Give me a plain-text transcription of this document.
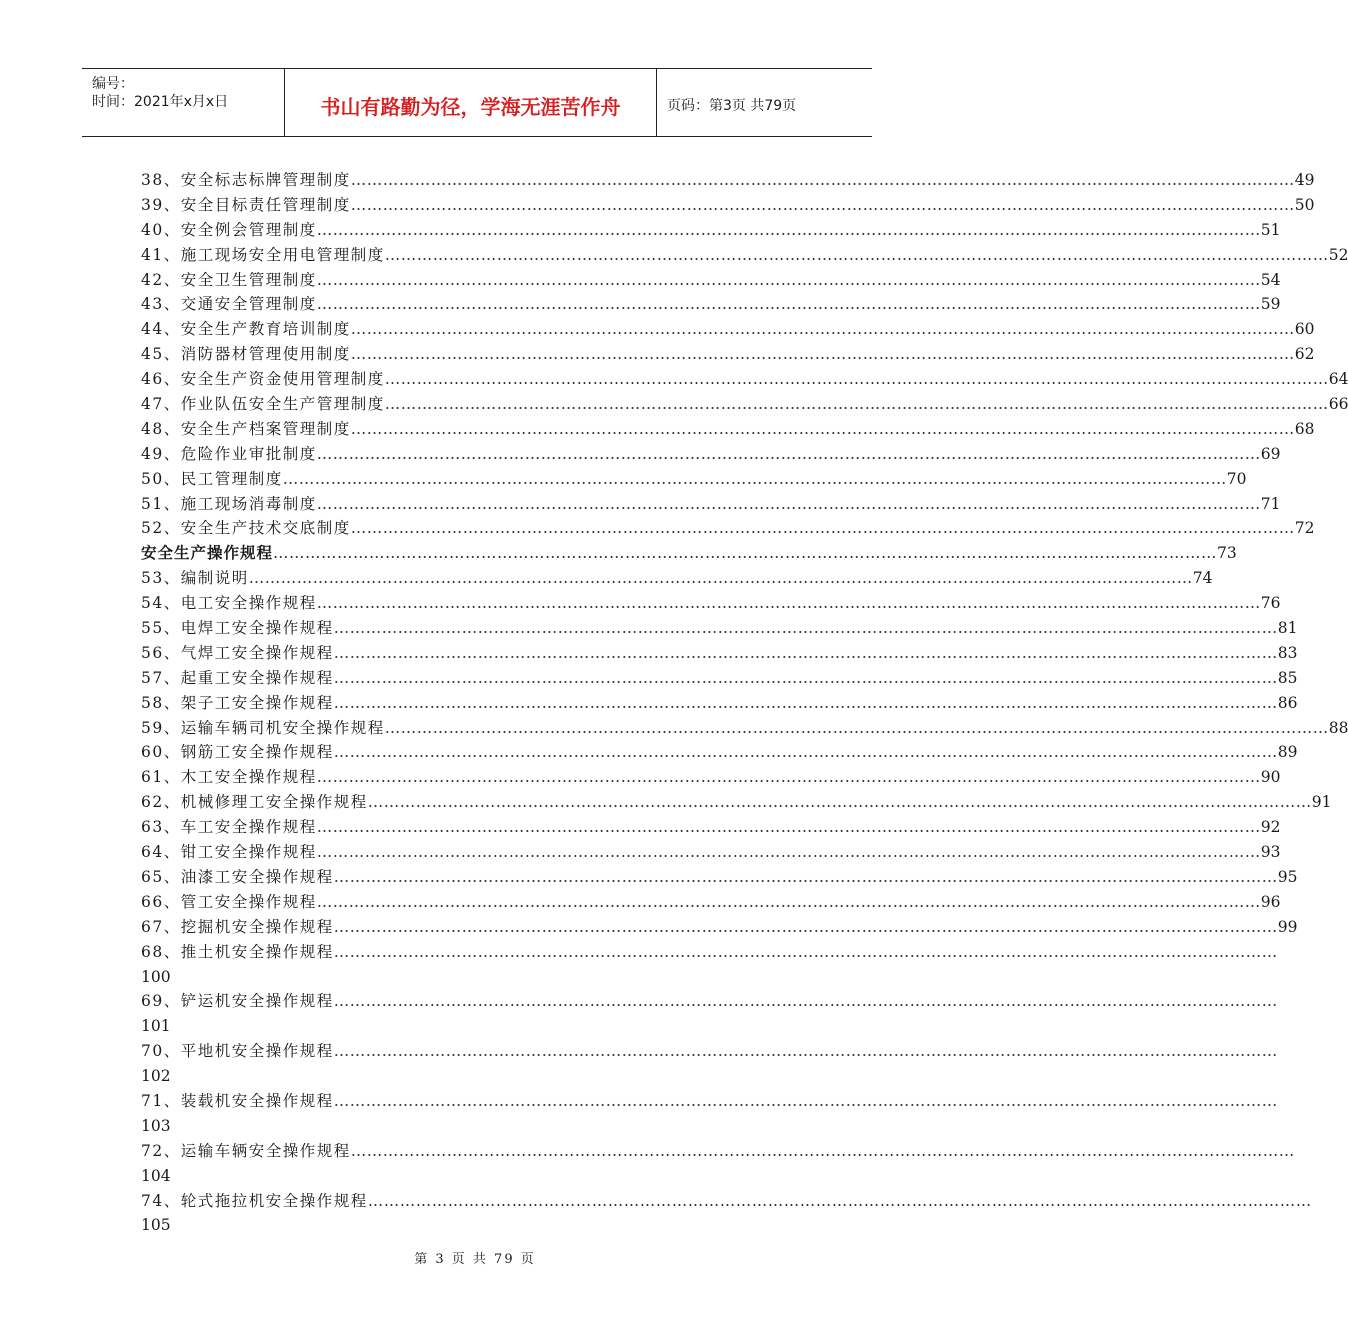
编号：
时间：2021年x月x日	书山有路勤为径，学海无涯苦作舟	页码：第3页 共79页
38、安全标志标牌管理制度 …………………………………………………………………………………………………………………………………………………………… 49
39、安全目标责任管理制度 …………………………………………………………………………………………………………………………………………………………… 50
40、安全例会管理制度 …………………………………………………………………………………………………………………………………………………………… 51
41、施工现场安全用电管理制度 …………………………………………………………………………………………………………………………………………………………… 52
42、安全卫生管理制度 …………………………………………………………………………………………………………………………………………………………… 54
43、交通安全管理制度 …………………………………………………………………………………………………………………………………………………………… 59
44、安全生产教育培训制度 …………………………………………………………………………………………………………………………………………………………… 60
45、消防器材管理使用制度 …………………………………………………………………………………………………………………………………………………………… 62
46、安全生产资金使用管理制度 …………………………………………………………………………………………………………………………………………………………… 64
47、作业队伍安全生产管理制度 …………………………………………………………………………………………………………………………………………………………… 66
48、安全生产档案管理制度 …………………………………………………………………………………………………………………………………………………………… 68
49、危险作业审批制度 …………………………………………………………………………………………………………………………………………………………… 69
50、民工管理制度 …………………………………………………………………………………………………………………………………………………………… 70
51、施工现场消毒制度 …………………………………………………………………………………………………………………………………………………………… 71
52、安全生产技术交底制度 …………………………………………………………………………………………………………………………………………………………… 72
安全生产操作规程 …………………………………………………………………………………………………………………………………………………………… 73
53、编制说明 …………………………………………………………………………………………………………………………………………………………… 74
54、电工安全操作规程 …………………………………………………………………………………………………………………………………………………………… 76
55、电焊工安全操作规程 …………………………………………………………………………………………………………………………………………………………… 81
56、气焊工安全操作规程 …………………………………………………………………………………………………………………………………………………………… 83
57、起重工安全操作规程 …………………………………………………………………………………………………………………………………………………………… 85
58、架子工安全操作规程 …………………………………………………………………………………………………………………………………………………………… 86
59、运输车辆司机安全操作规程 …………………………………………………………………………………………………………………………………………………………… 88
60、钢筋工安全操作规程 …………………………………………………………………………………………………………………………………………………………… 89
61、木工安全操作规程 …………………………………………………………………………………………………………………………………………………………… 90
62、机械修理工安全操作规程 …………………………………………………………………………………………………………………………………………………………… 91
63、车工安全操作规程 …………………………………………………………………………………………………………………………………………………………… 92
64、钳工安全操作规程 …………………………………………………………………………………………………………………………………………………………… 93
65、油漆工安全操作规程 …………………………………………………………………………………………………………………………………………………………… 95
66、管工安全操作规程 …………………………………………………………………………………………………………………………………………………………… 96
67、挖掘机安全操作规程 …………………………………………………………………………………………………………………………………………………………… 99
68、推土机安全操作规程 ……………………………………………………………………………………………………………………………………………………………
100
69、铲运机安全操作规程 ……………………………………………………………………………………………………………………………………………………………
101
70、平地机安全操作规程 ……………………………………………………………………………………………………………………………………………………………
102
71、装载机安全操作规程 ……………………………………………………………………………………………………………………………………………………………
103
72、运输车辆安全操作规程 ……………………………………………………………………………………………………………………………………………………………
104
74、轮式拖拉机安全操作规程 ……………………………………………………………………………………………………………………………………………………………
105
第 3 页 共 79 页
